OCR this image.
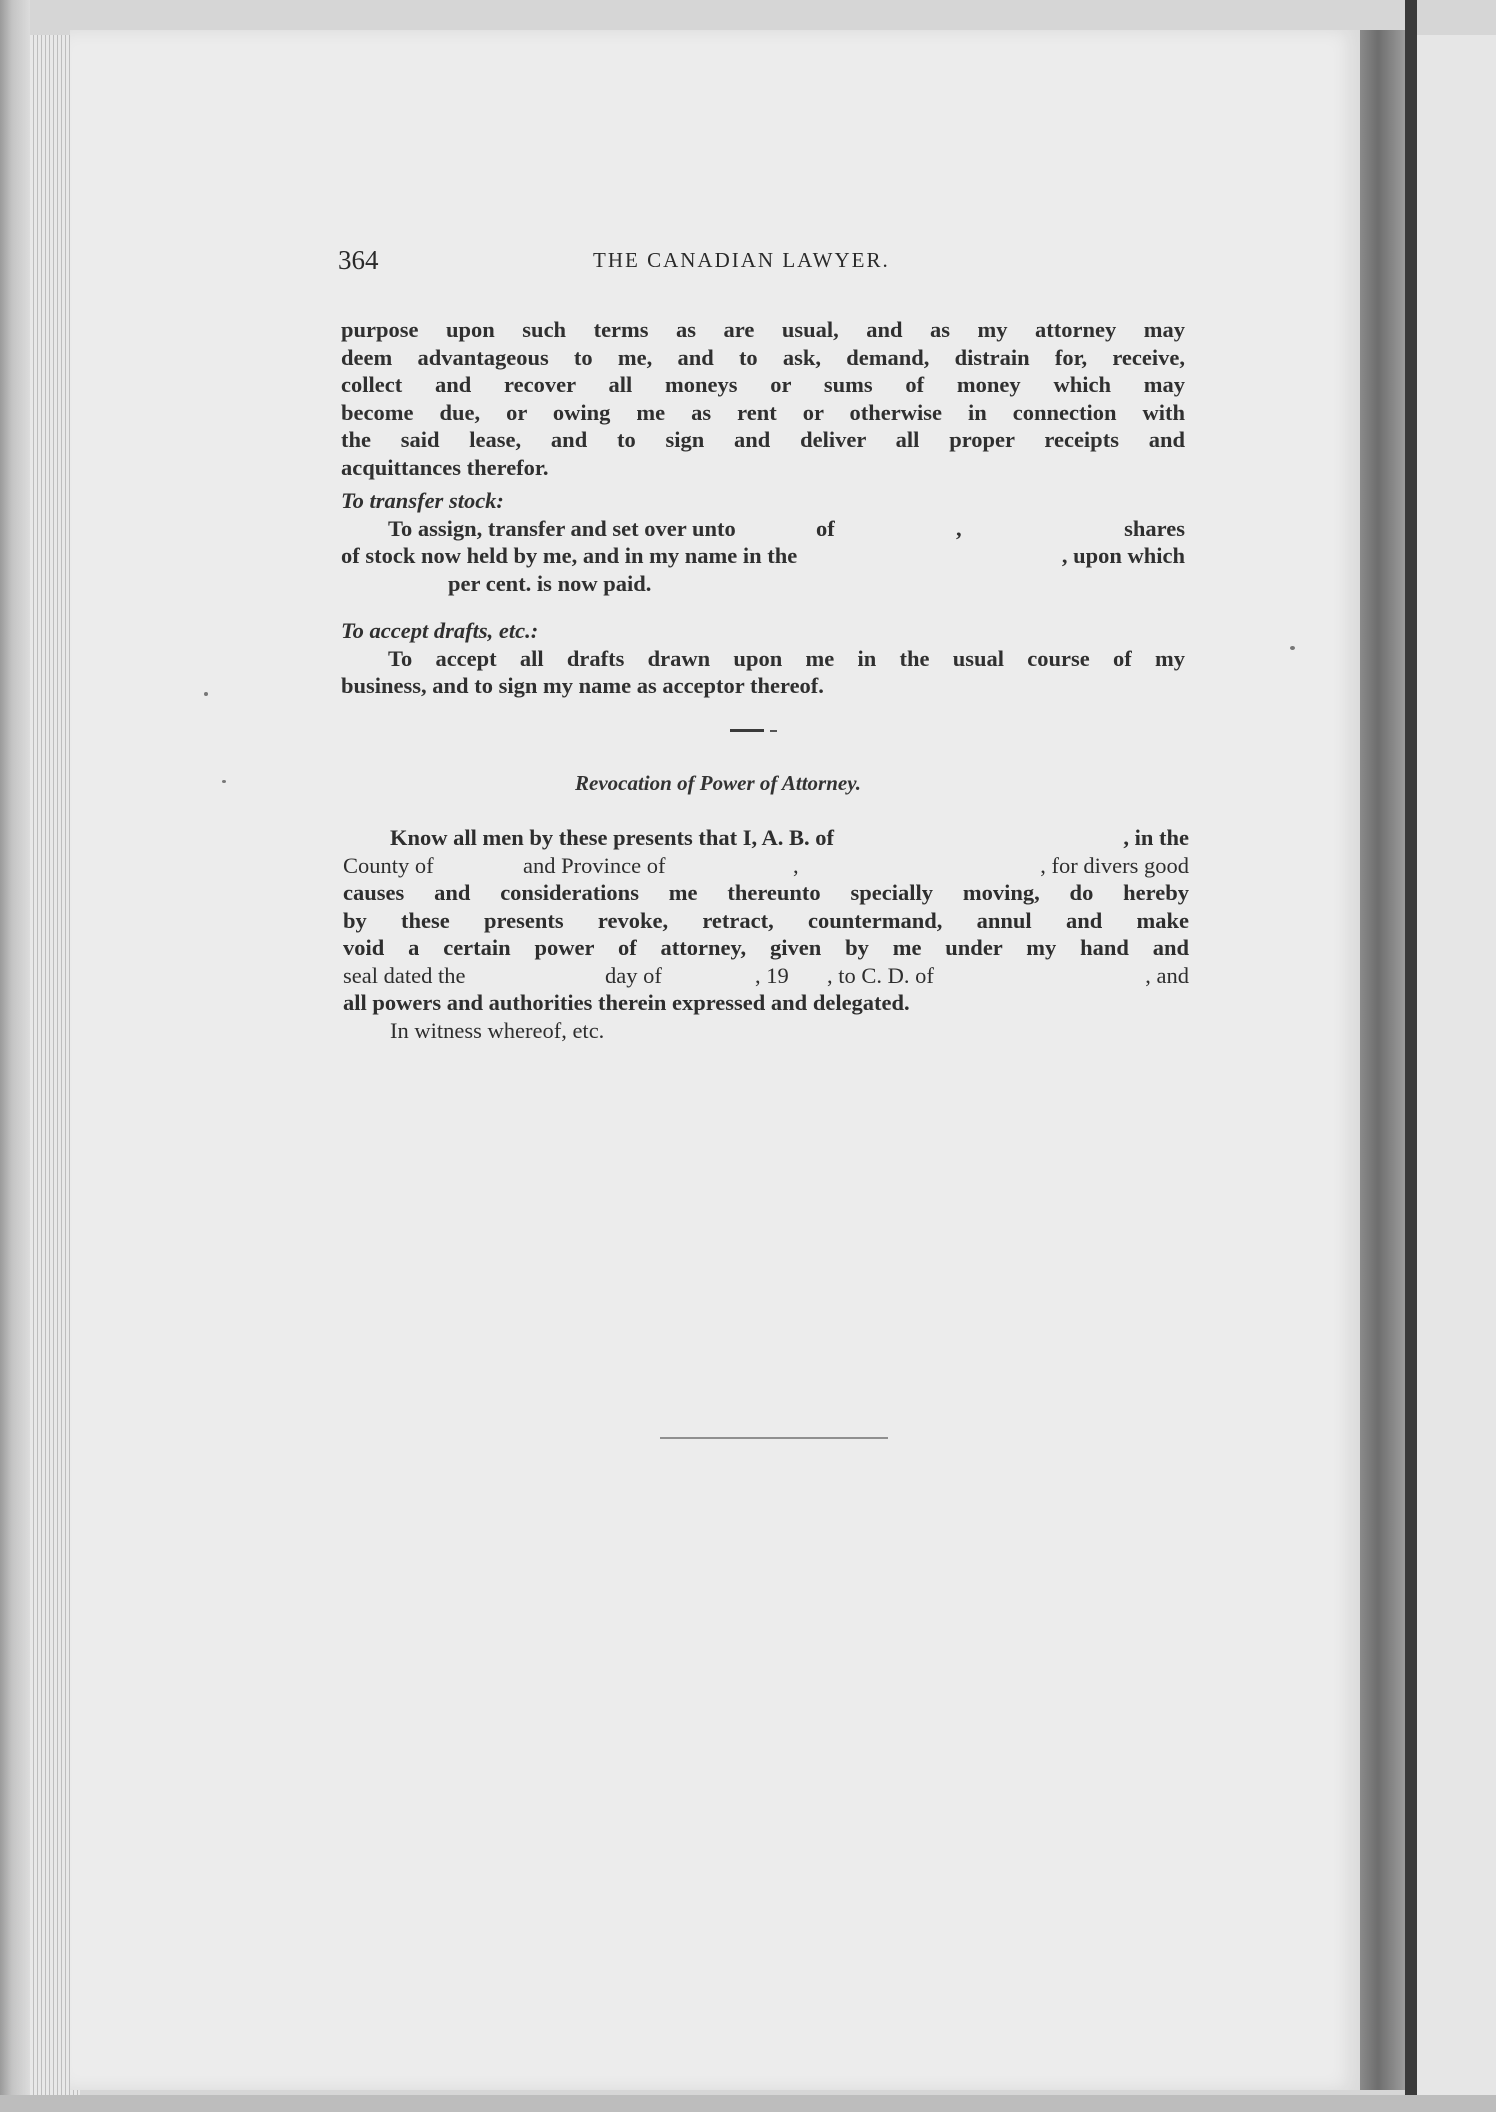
364	THE CANADIAN LAWYER.
purpose upon such terms as are usual, and as my attorney may
deem advantageous to me, and to ask, demand, distrain for, receive,
collect and recover all moneys or sums of money which may
become due, or owing me as rent or otherwise in connection with
the said lease, and to sign and deliver all proper receipts and
acquittances therefor.

To transfer stock:

To assign, transfer and set over unto	of	,	shares
of stock now held by me, and in my name in the	, upon which
per cent. is now paid.

To accept drafts, etc.:

To accept all drafts drawn upon me in the usual course of my
business, and to sign my name as acceptor thereof.
Revocation of Power of Attorney.
Know all men by these presents that I, A. B. of	, in the
County of	and Province of	,	, for divers good
causes and considerations me thereunto specially moving, do hereby
by these presents revoke, retract, countermand, annul and make
void a certain power of attorney, given by me under my hand and
seal dated the	day of	, 19	, to C. D. of	, and
all powers and authorities therein expressed and delegated.
In witness whereof, etc.
